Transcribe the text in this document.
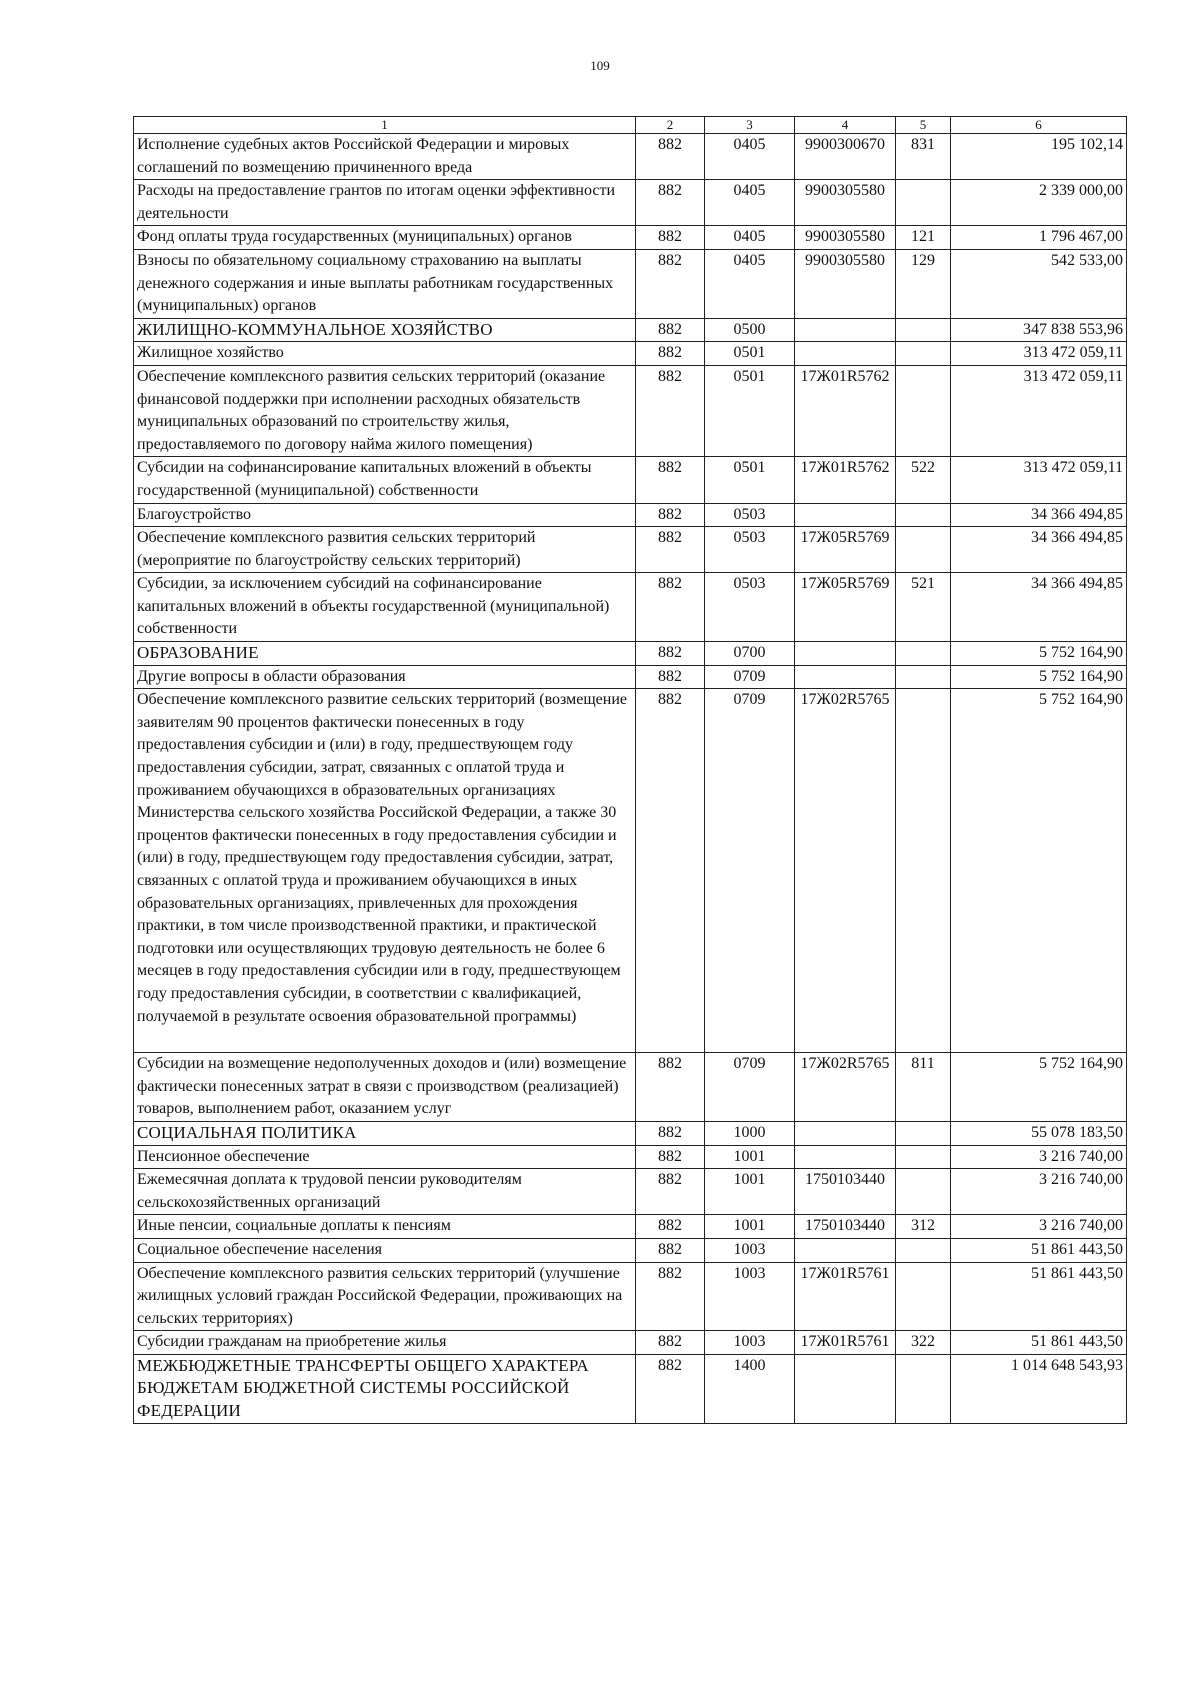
109
1	2	3	4	5	6
Исполнение судебных актов Российской Федерации и мировых соглашений по возмещению причиненного вреда	882	0405	9900300670	831	195 102,14
Расходы на предоставление грантов по итогам оценки эффективности деятельности	882	0405	9900305580		2 339 000,00
Фонд оплаты труда государственных (муниципальных) органов	882	0405	9900305580	121	1 796 467,00
Взносы по обязательному социальному страхованию на выплаты денежного содержания и иные выплаты работникам государственных (муниципальных) органов	882	0405	9900305580	129	542 533,00
ЖИЛИЩНО-КОММУНАЛЬНОЕ ХОЗЯЙСТВО	882	0500			347 838 553,96
Жилищное хозяйство	882	0501			313 472 059,11
Обеспечение комплексного развития сельских территорий (оказание финансовой поддержки при исполнении расходных обязательств муниципальных образований по строительству жилья, предоставляемого по договору найма жилого помещения)	882	0501	17Ж01R5762		313 472 059,11
Субсидии на софинансирование капитальных вложений в объекты государственной (муниципальной) собственности	882	0501	17Ж01R5762	522	313 472 059,11
Благоустройство	882	0503			34 366 494,85
Обеспечение комплексного развития сельских территорий (мероприятие по благоустройству сельских территорий)	882	0503	17Ж05R5769		34 366 494,85
Субсидии, за исключением субсидий на софинансирование капитальных вложений в объекты государственной (муниципальной) собственности	882	0503	17Ж05R5769	521	34 366 494,85
ОБРАЗОВАНИЕ	882	0700			5 752 164,90
Другие вопросы в области образования	882	0709			5 752 164,90
Обеспечение комплексного развитие сельских территорий (возмещение заявителям 90 процентов фактически понесенных в году предоставления субсидии и (или) в году, предшествующем году предоставления субсидии, затрат, связанных с оплатой труда и проживанием обучающихся в образовательных организациях Министерства сельского хозяйства Российской Федерации, а также 30 процентов фактически понесенных в году предоставления субсидии и (или) в году, предшествующем году предоставления субсидии, затрат, связанных с оплатой труда и проживанием обучающихся в иных образовательных организациях, привлеченных для прохождения практики, в том числе производственной практики, и практической подготовки или осуществляющих трудовую деятельность не более 6 месяцев в году предоставления субсидии или в году, предшествующем году предоставления субсидии, в соответствии с квалификацией, получаемой в результате освоения образовательной программы)	882	0709	17Ж02R5765		5 752 164,90
Субсидии на возмещение недополученных доходов и (или) возмещение фактически понесенных затрат в связи с производством (реализацией) товаров, выполнением работ, оказанием услуг	882	0709	17Ж02R5765	811	5 752 164,90
СОЦИАЛЬНАЯ ПОЛИТИКА	882	1000			55 078 183,50
Пенсионное обеспечение	882	1001			3 216 740,00
Ежемесячная доплата к трудовой пенсии руководителям сельскохозяйственных организаций	882	1001	1750103440		3 216 740,00
Иные пенсии, социальные доплаты к пенсиям	882	1001	1750103440	312	3 216 740,00
Социальное обеспечение населения	882	1003			51 861 443,50
Обеспечение комплексного развития сельских территорий (улучшение жилищных условий граждан Российской Федерации, проживающих на сельских территориях)	882	1003	17Ж01R5761		51 861 443,50
Субсидии гражданам на приобретение жилья	882	1003	17Ж01R5761	322	51 861 443,50
МЕЖБЮДЖЕТНЫЕ ТРАНСФЕРТЫ ОБЩЕГО ХАРАКТЕРА БЮДЖЕТАМ БЮДЖЕТНОЙ СИСТЕМЫ РОССИЙСКОЙ ФЕДЕРАЦИИ	882	1400			1 014 648 543,93
